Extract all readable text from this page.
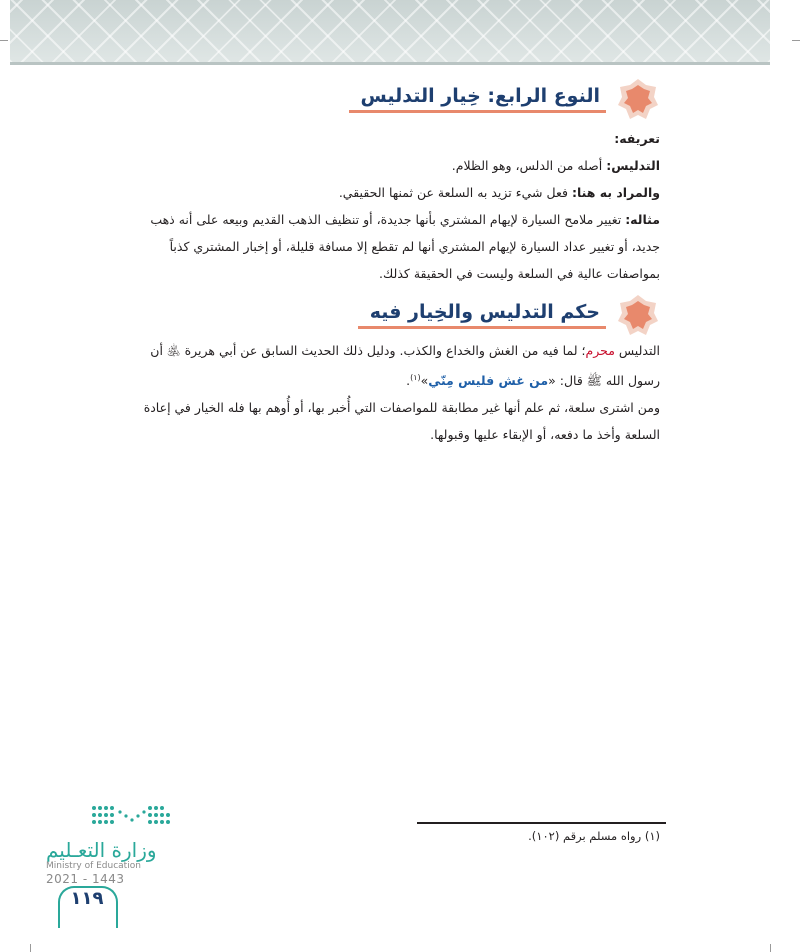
النوع الرابع: خِيار التدليس

تعريفه:

التدليس: أصله من الدلس، وهو الظلام.

والمراد به هنا: فعل شيء تزيد به السلعة عن ثمنها الحقيقي.

مثاله: تغيير ملامح السيارة لإيهام المشتري بأنها جديدة، أو تنظيف الذهب القديم وبيعه على أنه ذهب جديد، أو تغيير عداد السيارة لإيهام المشتري أنها لم تقطع إلا مسافة قليلة، أو إخبار المشتري كذباً بمواصفات عالية في السلعة وليست في الحقيقة كذلك.

حكم التدليس والخِيار فيه

التدليس محرم؛ لما فيه من الغش والخداع والكذب. ودليل ذلك الحديث السابق عن أبي هريرة ﵁ أن رسول الله ﷺ قال: «من غش فليس مِنّي»$^{(١)}$.

ومن اشترى سلعة، ثم علم أنها غير مطابقة للمواصفات التي أُخبر بها، أو أُوهم بها فله الخيار في إعادة السلعة وأخذ ما دفعه، أو الإبقاء عليها وقبولها.

(١) رواه مسلم برقم (١٠٢).
وزارة التعـليم
Ministry of Education
2021 - 1443
١١٩
